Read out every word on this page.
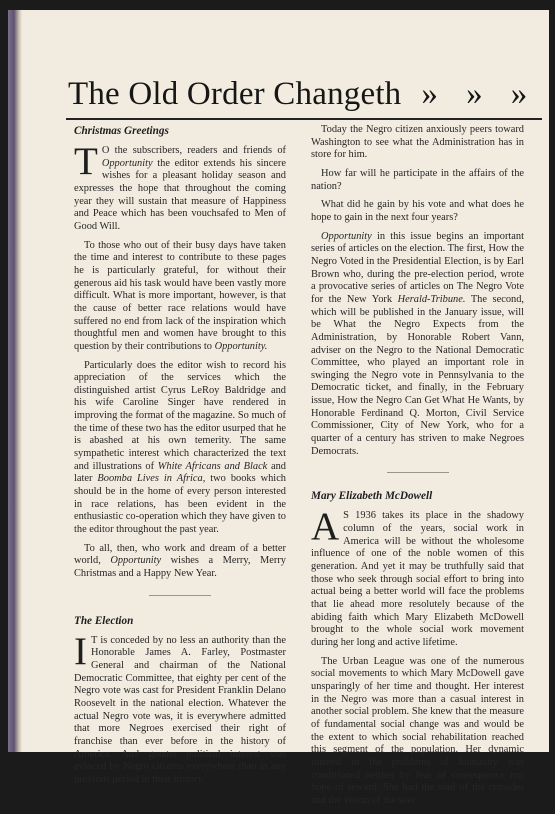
The Old Order Changeth » » »
Christmas Greetings

T O the subscribers, readers and friends of Opportunity the editor extends his sincere wishes for a pleasant holiday season and expresses the hope that throughout the coming year they will sustain that measure of Happiness and Peace which has been vouchsafed to Men of Good Will.

To those who out of their busy days have taken the time and interest to contribute to these pages he is particularly grateful, for without their generous aid his task would have been vastly more difficult. What is more important, however, is that the cause of better race relations would have suffered no end from lack of the inspiration which thoughtful men and women have brought to this question by their contributions to Opportunity.

Particularly does the editor wish to record his appreciation of the services which the distinguished artist Cyrus LeRoy Baldridge and his wife Caroline Singer have rendered in improving the format of the magazine. So much of the time of these two has the editor usurped that he is abashed at his own temerity. The same sympathetic interest which characterized the text and illustrations of White Africans and Black and later Boomba Lives in Africa, two books which should be in the home of every person interested in race relations, has been evident in the enthusiastic co-operation which they have given to the editor throughout the past year.

To all, then, who work and dream of a better world, Opportunity wishes a Merry, Merry Christmas and a Happy New Year.

The Election

I T is conceded by no less an authority than the Honorable James A. Farley, Postmaster General and chairman of the National Democratic Committee, that eighty per cent of the Negro vote was cast for President Franklin Delano Roosevelt in the national election. Whatever the actual Negro vote was, it is everywhere admitted that more Negroes exercised their right of franchise than ever before in the history of America. And greater political interest was evinced by Negro citizens everywhere than in any previous period in their history.

Today the Negro citizen anxiously peers toward Washington to see what the Administration has in store for him.

How far will he participate in the affairs of the nation?

What did he gain by his vote and what does he hope to gain in the next four years?

Opportunity in this issue begins an important series of articles on the election. The first, How the Negro Voted in the Presidential Election, is by Earl Brown who, during the pre-election period, wrote a provocative series of articles on The Negro Vote for the New York Herald-Tribune. The second, which will be published in the January issue, will be What the Negro Expects from the Administration, by Honorable Robert Vann, adviser on the Negro to the National Democratic Committee, who played an important role in swinging the Negro vote in Pennsylvania to the Democratic ticket, and finally, in the February issue, How the Negro Can Get What He Wants, by Honorable Ferdinand Q. Morton, Civil Service Commissioner, City of New York, who for a quarter of a century has striven to make Negroes Democrats.

Mary Elizabeth McDowell

A S 1936 takes its place in the shadowy column of the years, social work in America will be without the wholesome influence of one of the noble women of this generation. And yet it may be truthfully said that those who seek through social effort to bring into actual being a better world will face the problems that lie ahead more resolutely because of the abiding faith which Mary Elizabeth McDowell brought to the whole social work movement during her long and active lifetime.

The Urban League was one of the numerous social movements to which Mary McDowell gave unsparingly of her time and thought. Her interest in the Negro was more than a casual interest in another social problem. She knew that the measure of fundamental social change was and would be the extent to which social rehabilitation reached this segment of the population. Her dynamic interest in the problems of humanity was conditioned neither by fear of consequence nor hope of reward. She had the soul of the crusader and the vision of the seer.
